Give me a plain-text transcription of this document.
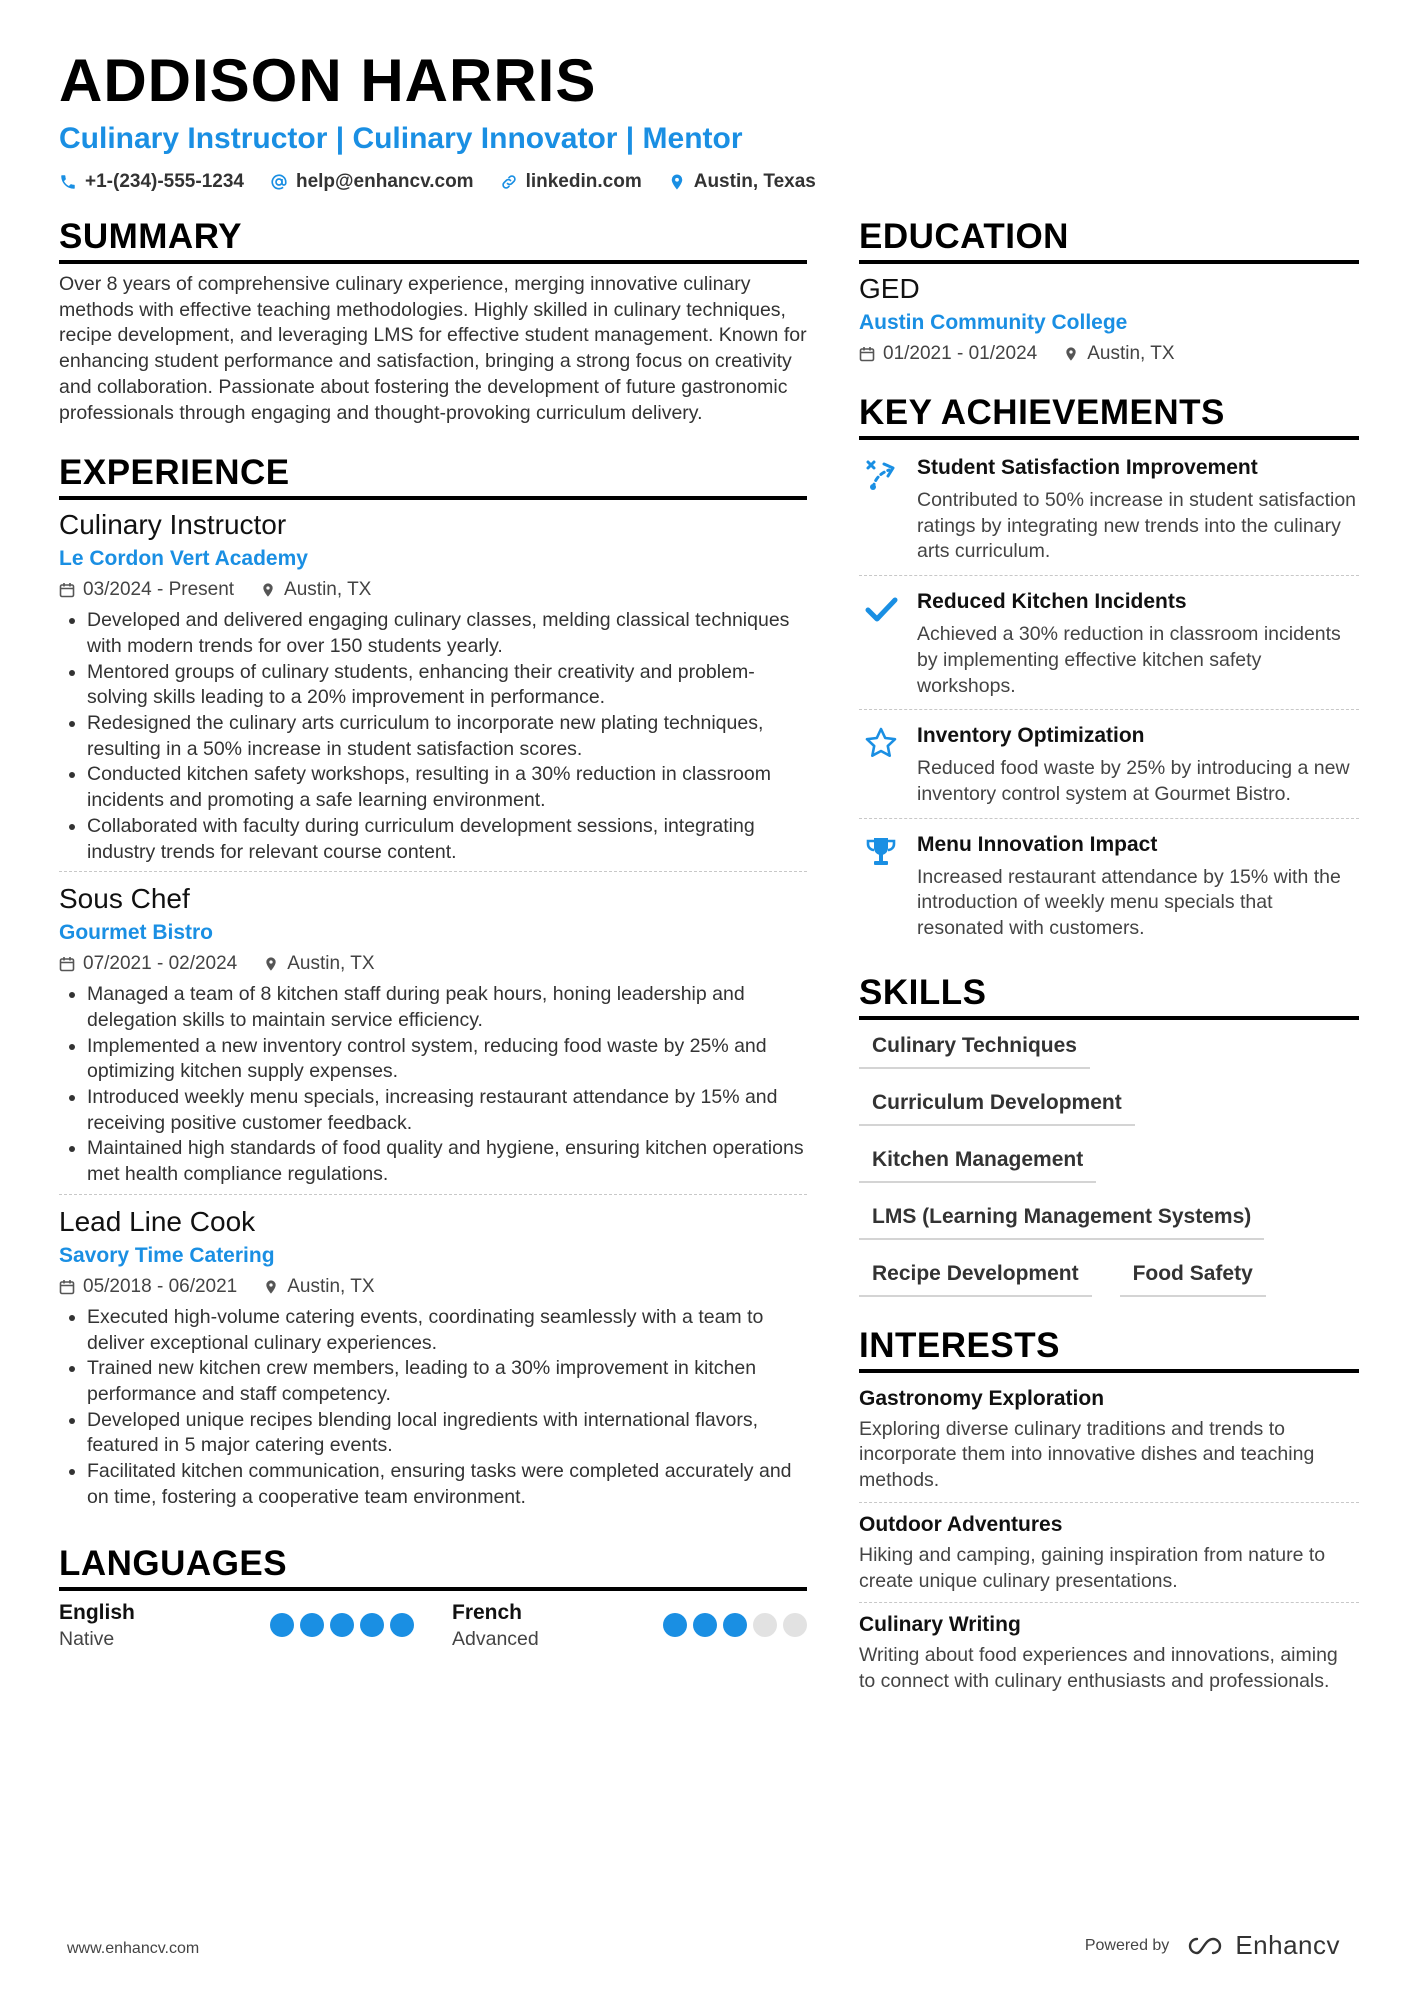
ADDISON HARRIS
Culinary Instructor | Culinary Innovator | Mentor
+1-(234)-555-1234	help@enhancv.com	linkedin.com	Austin, Texas
SUMMARY
Over 8 years of comprehensive culinary experience, merging innovative culinary methods with effective teaching methodologies. Highly skilled in culinary techniques, recipe development, and leveraging LMS for effective student management. Known for enhancing student performance and satisfaction, bringing a strong focus on creativity and collaboration. Passionate about fostering the development of future gastronomic professionals through engaging and thought-provoking curriculum delivery.
EXPERIENCE
Culinary Instructor
Le Cordon Vert Academy
03/2024 - Present	Austin, TX
• Developed and delivered engaging culinary classes, melding classical techniques with modern trends for over 150 students yearly.
• Mentored groups of culinary students, enhancing their creativity and problem-solving skills leading to a 20% improvement in performance.
• Redesigned the culinary arts curriculum to incorporate new plating techniques, resulting in a 50% increase in student satisfaction scores.
• Conducted kitchen safety workshops, resulting in a 30% reduction in classroom incidents and promoting a safe learning environment.
• Collaborated with faculty during curriculum development sessions, integrating industry trends for relevant course content.
Sous Chef
Gourmet Bistro
07/2021 - 02/2024	Austin, TX
• Managed a team of 8 kitchen staff during peak hours, honing leadership and delegation skills to maintain service efficiency.
• Implemented a new inventory control system, reducing food waste by 25% and optimizing kitchen supply expenses.
• Introduced weekly menu specials, increasing restaurant attendance by 15% and receiving positive customer feedback.
• Maintained high standards of food quality and hygiene, ensuring kitchen operations met health compliance regulations.
Lead Line Cook
Savory Time Catering
05/2018 - 06/2021	Austin, TX
• Executed high-volume catering events, coordinating seamlessly with a team to deliver exceptional culinary experiences.
• Trained new kitchen crew members, leading to a 30% improvement in kitchen performance and staff competency.
• Developed unique recipes blending local ingredients with international flavors, featured in 5 major catering events.
• Facilitated kitchen communication, ensuring tasks were completed accurately and on time, fostering a cooperative team environment.
LANGUAGES
English
Native
French
Advanced
EDUCATION
GED
Austin Community College
01/2021 - 01/2024	Austin, TX
KEY ACHIEVEMENTS
Student Satisfaction Improvement
Contributed to 50% increase in student satisfaction ratings by integrating new trends into the culinary arts curriculum.
Reduced Kitchen Incidents
Achieved a 30% reduction in classroom incidents by implementing effective kitchen safety workshops.
Inventory Optimization
Reduced food waste by 25% by introducing a new inventory control system at Gourmet Bistro.
Menu Innovation Impact
Increased restaurant attendance by 15% with the introduction of weekly menu specials that resonated with customers.
SKILLS
Culinary Techniques
Curriculum Development
Kitchen Management
LMS (Learning Management Systems)
Recipe Development	Food Safety
INTERESTS
Gastronomy Exploration
Exploring diverse culinary traditions and trends to incorporate them into innovative dishes and teaching methods.
Outdoor Adventures
Hiking and camping, gaining inspiration from nature to create unique culinary presentations.
Culinary Writing
Writing about food experiences and innovations, aiming to connect with culinary enthusiasts and professionals.
www.enhancv.com	Powered by	Enhancv
